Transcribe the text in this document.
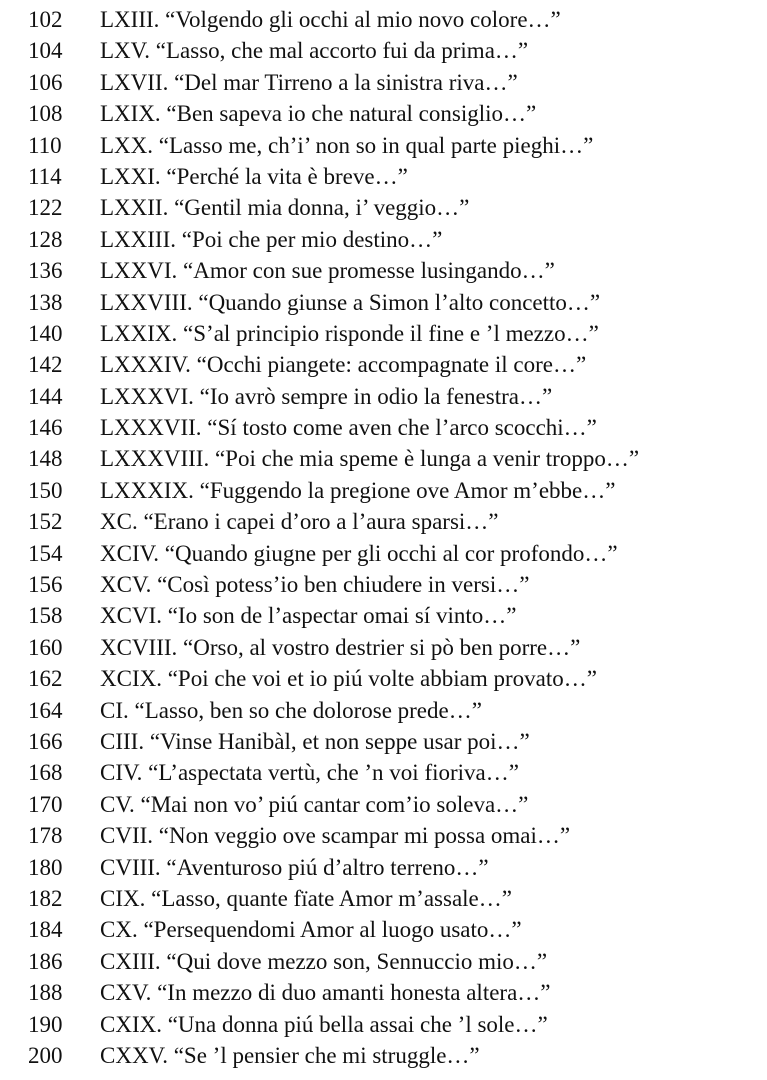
102	LXIII. “Volgendo gli occhi al mio novo colore…”
104	LXV. “Lasso, che mal accorto fui da prima…”
106	LXVII. “Del mar Tirreno a la sinistra riva…”
108	LXIX. “Ben sapeva io che natural consiglio…”
110	LXX. “Lasso me, ch’i’ non so in qual parte pieghi…”
114	LXXI. “Perché la vita è breve…”
122	LXXII. “Gentil mia donna, i’ veggio…”
128	LXXIII. “Poi che per mio destino…”
136	LXXVI. “Amor con sue promesse lusingando…”
138	LXXVIII. “Quando giunse a Simon l’alto concetto…”
140	LXXIX. “S’al principio risponde il fine e ’l mezzo…”
142	LXXXIV. “Occhi piangete: accompagnate il core…”
144	LXXXVI. “Io avrò sempre in odio la fenestra…”
146	LXXXVII. “Sí tosto come aven che l’arco scocchi…”
148	LXXXVIII. “Poi che mia speme è lunga a venir troppo…”
150	LXXXIX. “Fuggendo la pregione ove Amor m’ebbe…”
152	XC. “Erano i capei d’oro a l’aura sparsi…”
154	XCIV. “Quando giugne per gli occhi al cor profondo…”
156	XCV. “Così potess’io ben chiudere in versi…”
158	XCVI. “Io son de l’aspectar omai sí vinto…”
160	XCVIII. “Orso, al vostro destrier si pò ben porre…”
162	XCIX. “Poi che voi et io piú volte abbiam provato…”
164	CI. “Lasso, ben so che dolorose prede…”
166	CIII. “Vinse Hanibàl, et non seppe usar poi…”
168	CIV. “L’aspectata vertù, che ’n voi fioriva…”
170	CV. “Mai non vo’ piú cantar com’io soleva…”
178	CVII. “Non veggio ove scampar mi possa omai…”
180	CVIII. “Aventuroso piú d’altro terreno…”
182	CIX. “Lasso, quante fïate Amor m’assale…”
184	CX. “Persequendomi Amor al luogo usato…”
186	CXIII. “Qui dove mezzo son, Sennuccio mio…”
188	CXV. “In mezzo di duo amanti honesta altera…”
190	CXIX. “Una donna piú bella assai che ’l sole…”
200	CXXV. “Se ’l pensier che mi struggle…”
